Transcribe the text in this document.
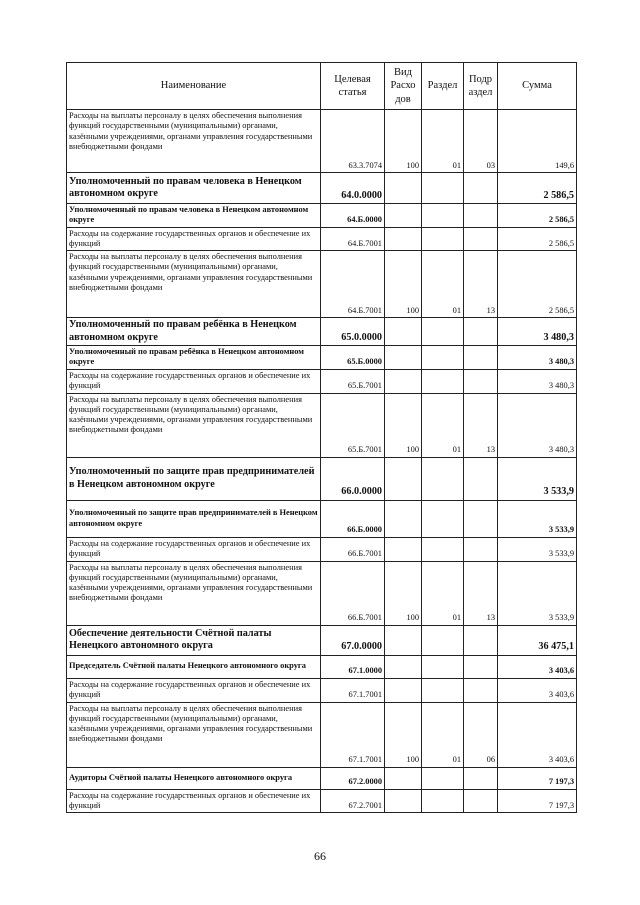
Наименование	Целевая статья	Вид Расхо дов	Раздел	Подр аздел	Сумма
Расходы на выплаты персоналу в целях обеспечения выполнения функций государственными (муниципальными) органами, казёнными учреждениями, органами управления государственными внебюджетными фондами	63.3.7074	100	01	03	149,6
Уполномоченный по правам человека в Ненецком автономном округе	64.0.0000				2 586,5
Уполномоченный по правам человека в Ненецком автономном округе	64.Б.0000				2 586,5
Расходы на содержание государственных органов и обеспечение их функций	64.Б.7001				2 586,5
Расходы на выплаты персоналу в целях обеспечения выполнения функций государственными (муниципальными) органами, казёнными учреждениями, органами управления государственными внебюджетными фондами	64.Б.7001	100	01	13	2 586,5
Уполномоченный по правам ребёнка в Ненецком автономном округе	65.0.0000				3 480,3
Уполномоченный по правам ребёнка в Ненецком автономном округе	65.Б.0000				3 480,3
Расходы на содержание государственных органов и обеспечение их функций	65.Б.7001				3 480,3
Расходы на выплаты персоналу в целях обеспечения выполнения функций государственными (муниципальными) органами, казёнными учреждениями, органами управления государственными внебюджетными фондами	65.Б.7001	100	01	13	3 480,3
Уполномоченный по защите прав предпринимателей в Ненецком автономном округе	66.0.0000				3 533,9
Уполномоченный по защите прав предпринимателей в Ненецком автономном округе	66.Б.0000				3 533,9
Расходы на содержание государственных органов и обеспечение их функций	66.Б.7001				3 533,9
Расходы на выплаты персоналу в целях обеспечения выполнения функций государственными (муниципальными) органами, казёнными учреждениями, органами управления государственными внебюджетными фондами	66.Б.7001	100	01	13	3 533,9
Обеспечение деятельности Счётной палаты Ненецкого автономного округа	67.0.0000				36 475,1
Председатель Счётной палаты Ненецкого автономного округа	67.1.0000				3 403,6
Расходы на содержание государственных органов и обеспечение их функций	67.1.7001				3 403,6
Расходы на выплаты персоналу в целях обеспечения выполнения функций государственными (муниципальными) органами, казёнными учреждениями, органами управления государственными внебюджетными фондами	67.1.7001	100	01	06	3 403,6
Аудиторы Счётной палаты Ненецкого автономного округа	67.2.0000				7 197,3
Расходы на содержание государственных органов и обеспечение их функций	67.2.7001				7 197,3
66
